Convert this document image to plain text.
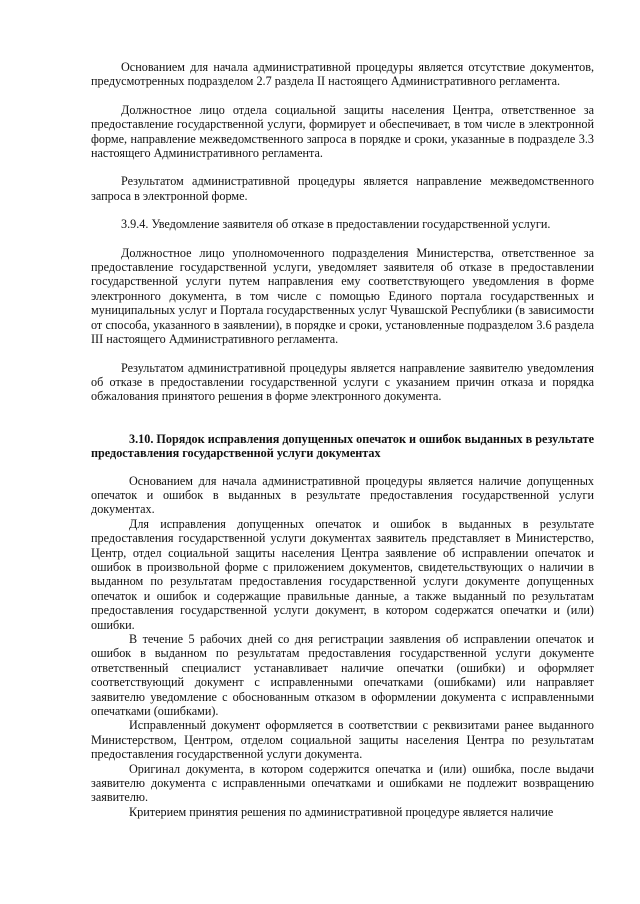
Основанием для начала административной процедуры является отсутствие документов, предусмотренных подразделом 2.7 раздела II настоящего Административного регламента.

Должностное лицо отдела социальной защиты населения Центра, ответственное за предоставление государственной услуги, формирует и обеспечивает, в том числе в электронной форме, направление межведомственного запроса в порядке и сроки, указанные в подразделе 3.3 настоящего Административного регламента.

Результатом административной процедуры является направление межведомственного запроса в электронной форме.

3.9.4. Уведомление заявителя об отказе в предоставлении государственной услуги.

Должностное лицо уполномоченного подразделения Министерства, ответственное за предоставление государственной услуги, уведомляет заявителя об отказе в предоставлении государственной услуги путем направления ему соответствующего уведомления в форме электронного документа, в том числе с помощью Единого портала государственных и муниципальных услуг и Портала государственных услуг Чувашской Республики (в зависимости от способа, указанного в заявлении), в порядке и сроки, установленные подразделом 3.6 раздела III настоящего Административного регламента.

Результатом административной процедуры является направление заявителю уведомления об отказе в предоставлении государственной услуги с указанием причин отказа и порядка обжалования принятого решения в форме электронного документа.

3.10. Порядок исправления допущенных опечаток и ошибок выданных в результате предоставления государственной услуги документах

Основанием для начала административной процедуры является наличие допущенных опечаток и ошибок в выданных в результате предоставления государственной услуги документах.

Для исправления допущенных опечаток и ошибок в выданных в результате предоставления государственной услуги документах заявитель представляет в Министерство, Центр, отдел социальной защиты населения Центра заявление об исправлении опечаток и ошибок в произвольной форме с приложением документов, свидетельствующих о наличии в выданном по результатам предоставления государственной услуги документе допущенных опечаток и ошибок и содержащие правильные данные, а также выданный по результатам предоставления государственной услуги документ, в котором содержатся опечатки и (или) ошибки.

В течение 5 рабочих дней со дня регистрации заявления об исправлении опечаток и ошибок в выданном по результатам предоставления государственной услуги документе ответственный специалист устанавливает наличие опечатки (ошибки) и оформляет соответствующий документ с исправленными опечатками (ошибками) или направляет заявителю уведомление с обоснованным отказом в оформлении документа с исправленными опечатками (ошибками).

Исправленный документ оформляется в соответствии с реквизитами ранее выданного Министерством, Центром, отделом социальной защиты населения Центра по результатам предоставления государственной услуги документа.

Оригинал документа, в котором содержится опечатка и (или) ошибка, после выдачи заявителю документа с исправленными опечатками и ошибками не подлежит возвращению заявителю.

Критерием принятия решения по административной процедуре является наличие
